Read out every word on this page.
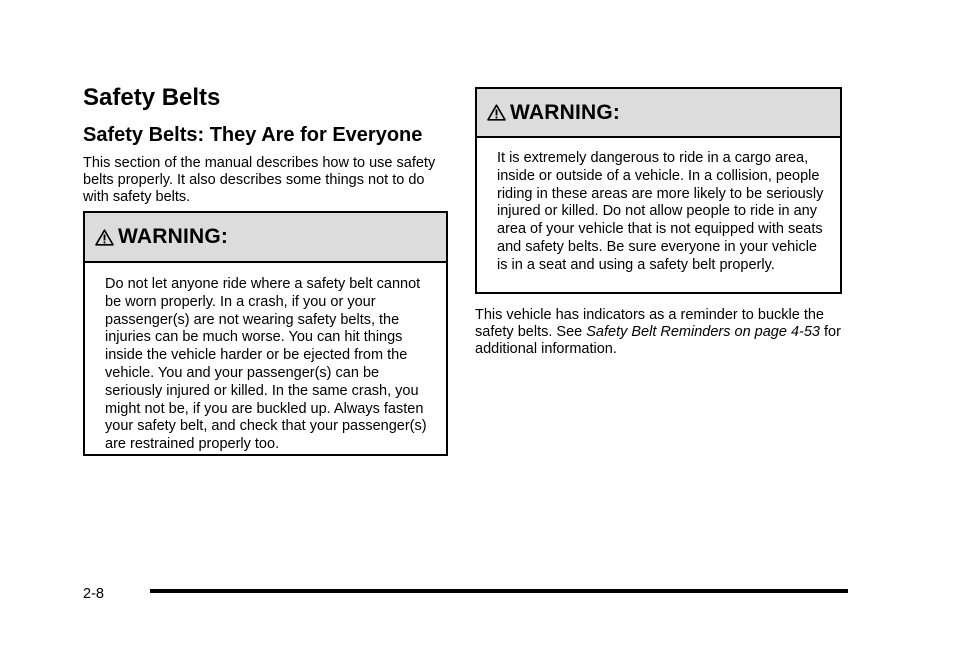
Safety Belts
Safety Belts: They Are for Everyone

This section of the manual describes how to use safety belts properly. It also describes some things not to do with safety belts.

WARNING:
Do not let anyone ride where a safety belt cannot be worn properly. In a crash, if you or your passenger(s) are not wearing safety belts, the injuries can be much worse. You can hit things inside the vehicle harder or be ejected from the vehicle. You and your passenger(s) can be seriously injured or killed. In the same crash, you might not be, if you are buckled up. Always fasten your safety belt, and check that your passenger(s) are restrained properly too.
WARNING:
It is extremely dangerous to ride in a cargo area, inside or outside of a vehicle. In a collision, people riding in these areas are more likely to be seriously injured or killed. Do not allow people to ride in any area of your vehicle that is not equipped with seats and safety belts. Be sure everyone in your vehicle is in a seat and using a safety belt properly.

This vehicle has indicators as a reminder to buckle the safety belts. See Safety Belt Reminders on page 4-53 for additional information.

2-8
